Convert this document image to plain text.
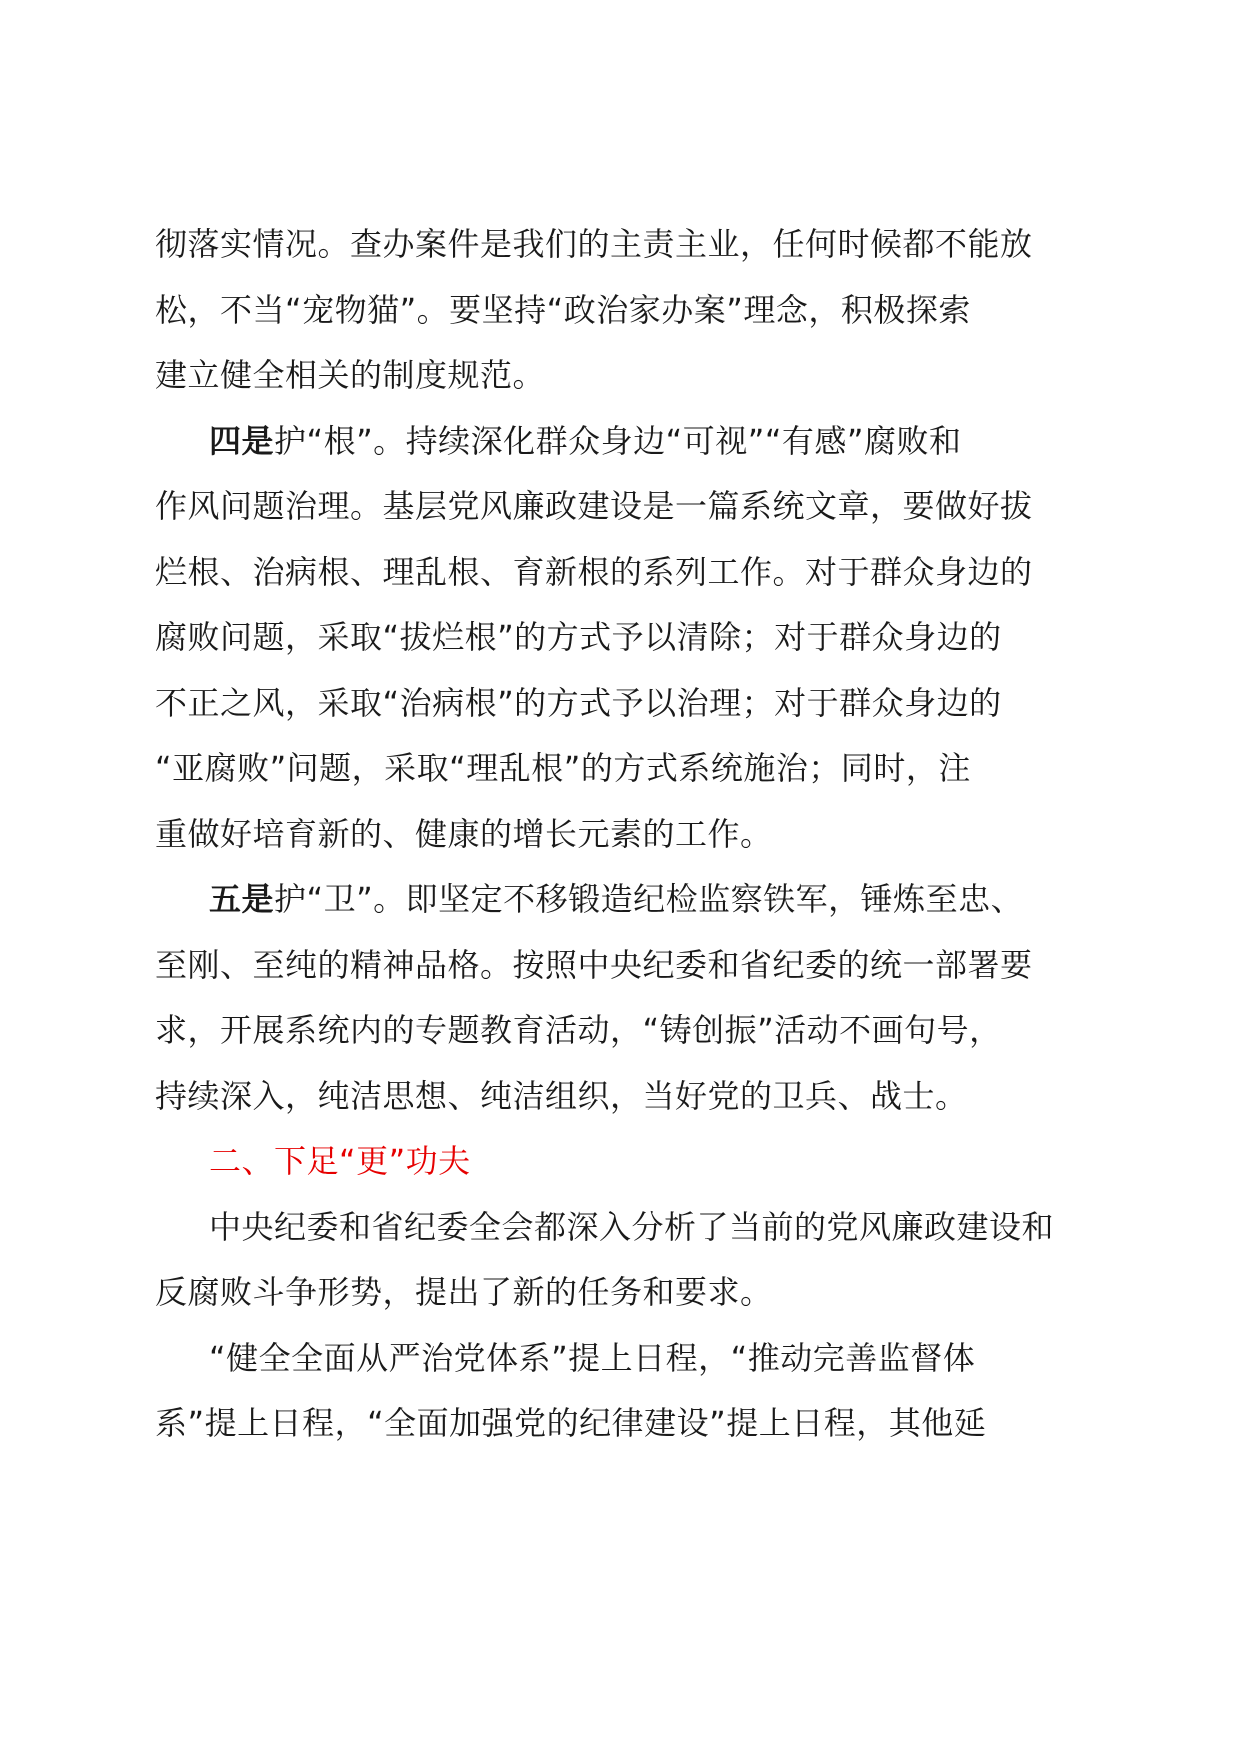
彻落实情况。查办案件是我们的主责主业，任何时候都不能放
松，不当“宠物猫”。要坚持“政治家办案”理念，积极探索
建立健全相关的制度规范。
四是护“根”。持续深化群众身边“可视”“有感”腐败和
作风问题治理。基层党风廉政建设是一篇系统文章，要做好拔
烂根、治病根、理乱根、育新根的系列工作。对于群众身边的
腐败问题，采取“拔烂根”的方式予以清除；对于群众身边的
不正之风，采取“治病根”的方式予以治理；对于群众身边的
“亚腐败”问题，采取“理乱根”的方式系统施治；同时，注
重做好培育新的、健康的增长元素的工作。
五是护“卫”。即坚定不移锻造纪检监察铁军，锤炼至忠、
至刚、至纯的精神品格。按照中央纪委和省纪委的统一部署要
求，开展系统内的专题教育活动，“铸创振”活动不画句号，
持续深入，纯洁思想、纯洁组织，当好党的卫兵、战士。
二、下足“更”功夫
中央纪委和省纪委全会都深入分析了当前的党风廉政建设和
反腐败斗争形势，提出了新的任务和要求。
“健全全面从严治党体系”提上日程，“推动完善监督体
系”提上日程，“全面加强党的纪律建设”提上日程，其他延
